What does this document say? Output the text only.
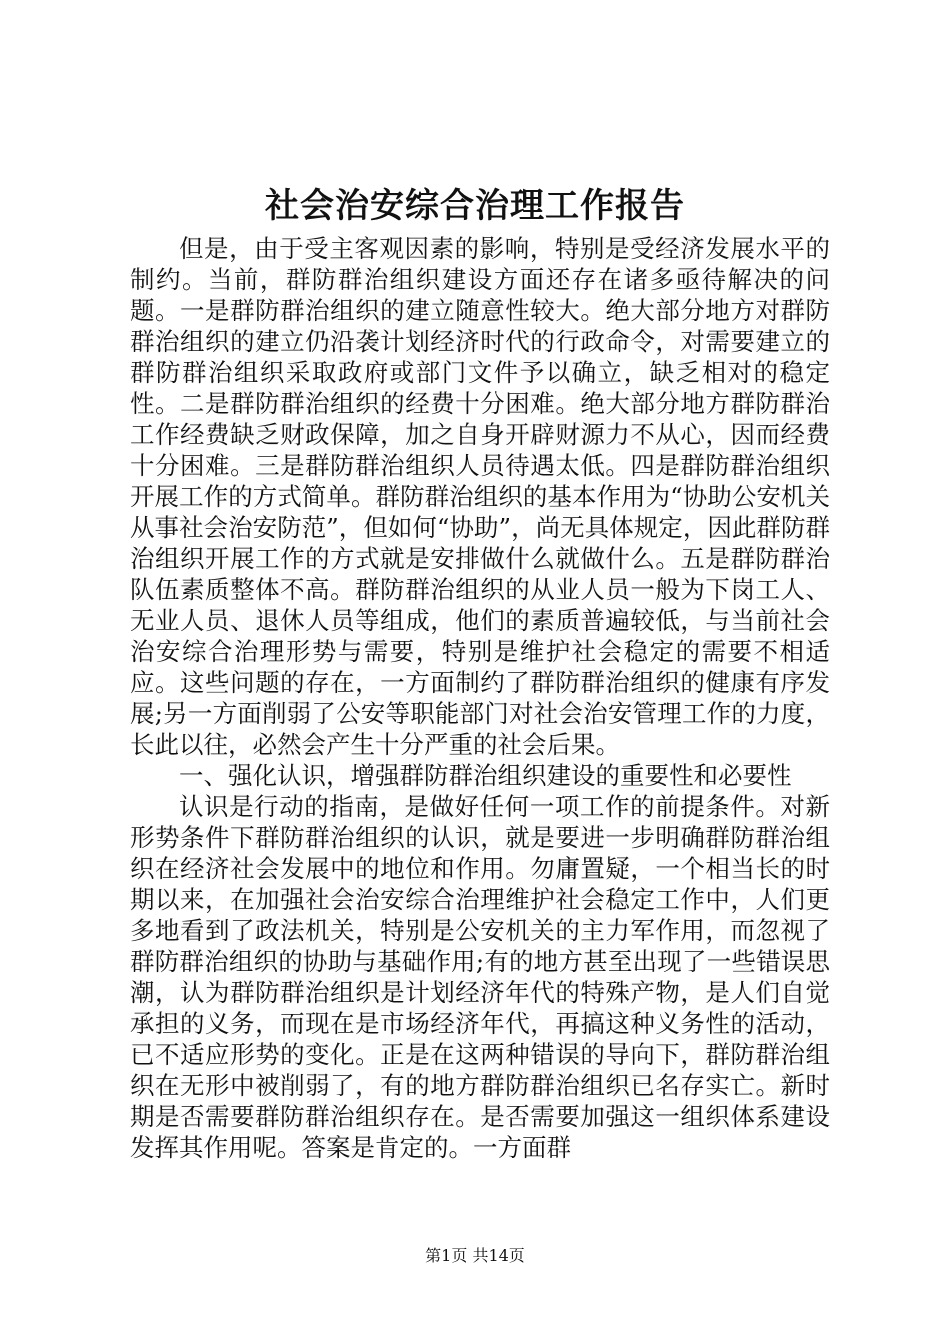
社会治安综合治理工作报告

但是，由于受主客观因素的影响，特别是受经济发展水平的制约。当前，群防群治组织建设方面还存在诸多亟待解决的问题。一是群防群治组织的建立随意性较大。绝大部分地方对群防群治组织的建立仍沿袭计划经济时代的行政命令，对需要建立的群防群治组织采取政府或部门文件予以确立，缺乏相对的稳定性。二是群防群治组织的经费十分困难。绝大部分地方群防群治工作经费缺乏财政保障，加之自身开辟财源力不从心，因而经费十分困难。三是群防群治组织人员待遇太低。四是群防群治组织开展工作的方式简单。群防群治组织的基本作用为“协助公安机关从事社会治安防范”，但如何“协助”，尚无具体规定，因此群防群治组织开展工作的方式就是安排做什么就做什么。五是群防群治队伍素质整体不高。群防群治组织的从业人员一般为下岗工人、无业人员、退休人员等组成，他们的素质普遍较低，与当前社会治安综合治理形势与需要，特别是维护社会稳定的需要不相适应。这些问题的存在，一方面制约了群防群治组织的健康有序发展;另一方面削弱了公安等职能部门对社会治安管理工作的力度，长此以往，必然会产生十分严重的社会后果。

一、强化认识，增强群防群治组织建设的重要性和必要性

认识是行动的指南，是做好任何一项工作的前提条件。对新形势条件下群防群治组织的认识，就是要进一步明确群防群治组织在经济社会发展中的地位和作用。勿庸置疑，一个相当长的时期以来，在加强社会治安综合治理维护社会稳定工作中，人们更多地看到了政法机关，特别是公安机关的主力军作用，而忽视了群防群治组织的协助与基础作用;有的地方甚至出现了一些错误思潮，认为群防群治组织是计划经济年代的特殊产物，是人们自觉承担的义务，而现在是市场经济年代，再搞这种义务性的活动，已不适应形势的变化。正是在这两种错误的导向下，群防群治组织在无形中被削弱了，有的地方群防群治组织已名存实亡。新时期是否需要群防群治组织存在。是否需要加强这一组织体系建设发挥其作用呢。答案是肯定的。一方面群

第1页 共14页
